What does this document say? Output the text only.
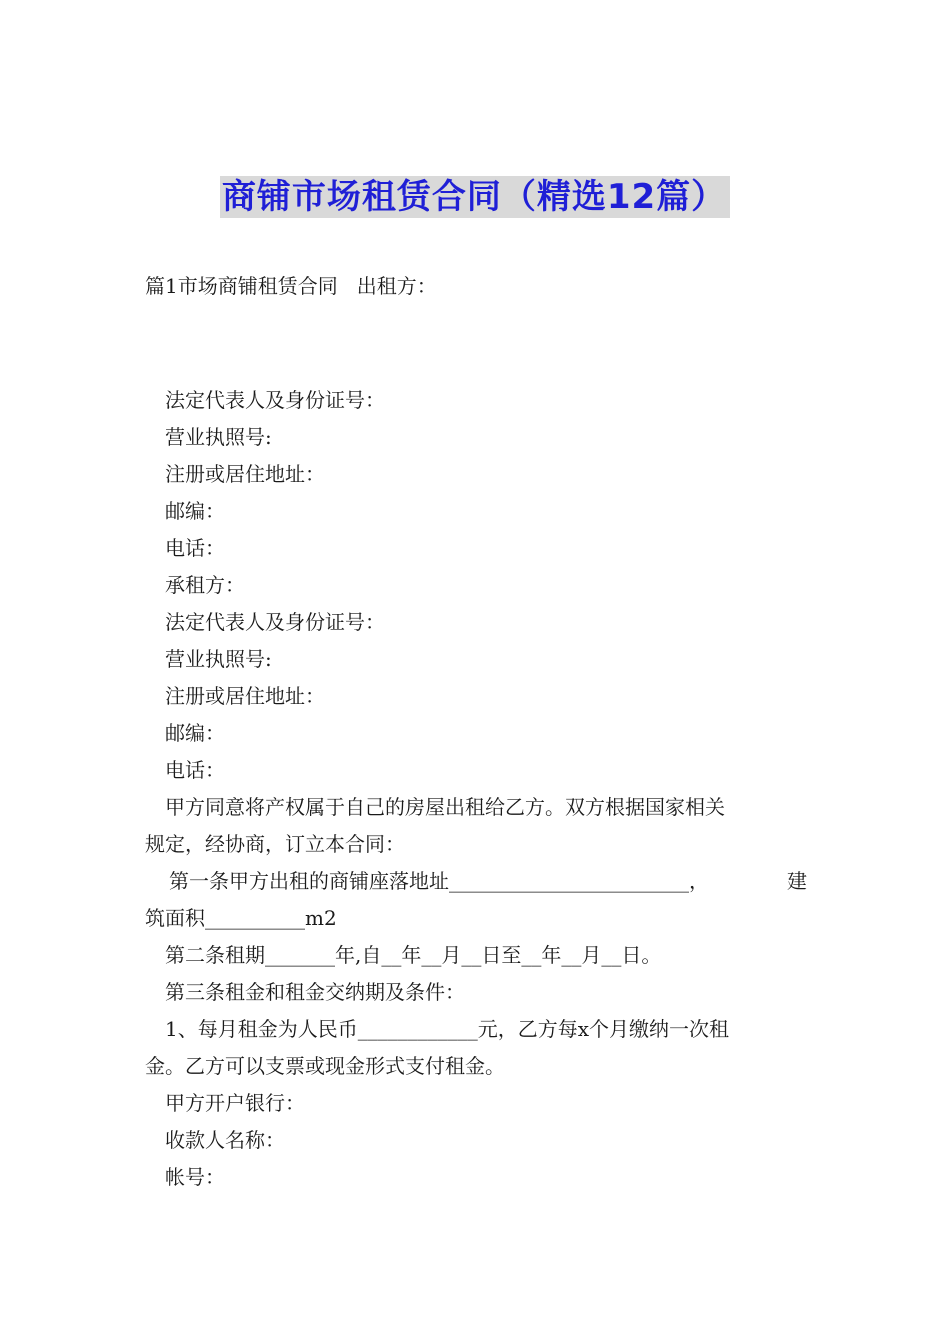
商铺市场租赁合同（精选12篇）
篇1市场商铺租赁合同   出租方：
法定代表人及身份证号：
营业执照号:
注册或居住地址：
邮编：
电话：
承租方：
法定代表人及身份证号：
营业执照号:
注册或居住地址：
邮编：
电话：
甲方同意将产权属于自己的房屋出租给乙方。双方根据国家相关
规定，经协商，订立本合同：
第一条甲方出租的商铺座落地址________________________，	建
筑面积__________m2
第二条租期_______年,自__年__月__日至__年__月__日。
第三条租金和租金交纳期及条件：
1、每月租金为人民币____________元，乙方每x个月缴纳一次租
金。乙方可以支票或现金形式支付租金。
甲方开户银行：
收款人名称：
帐号：
